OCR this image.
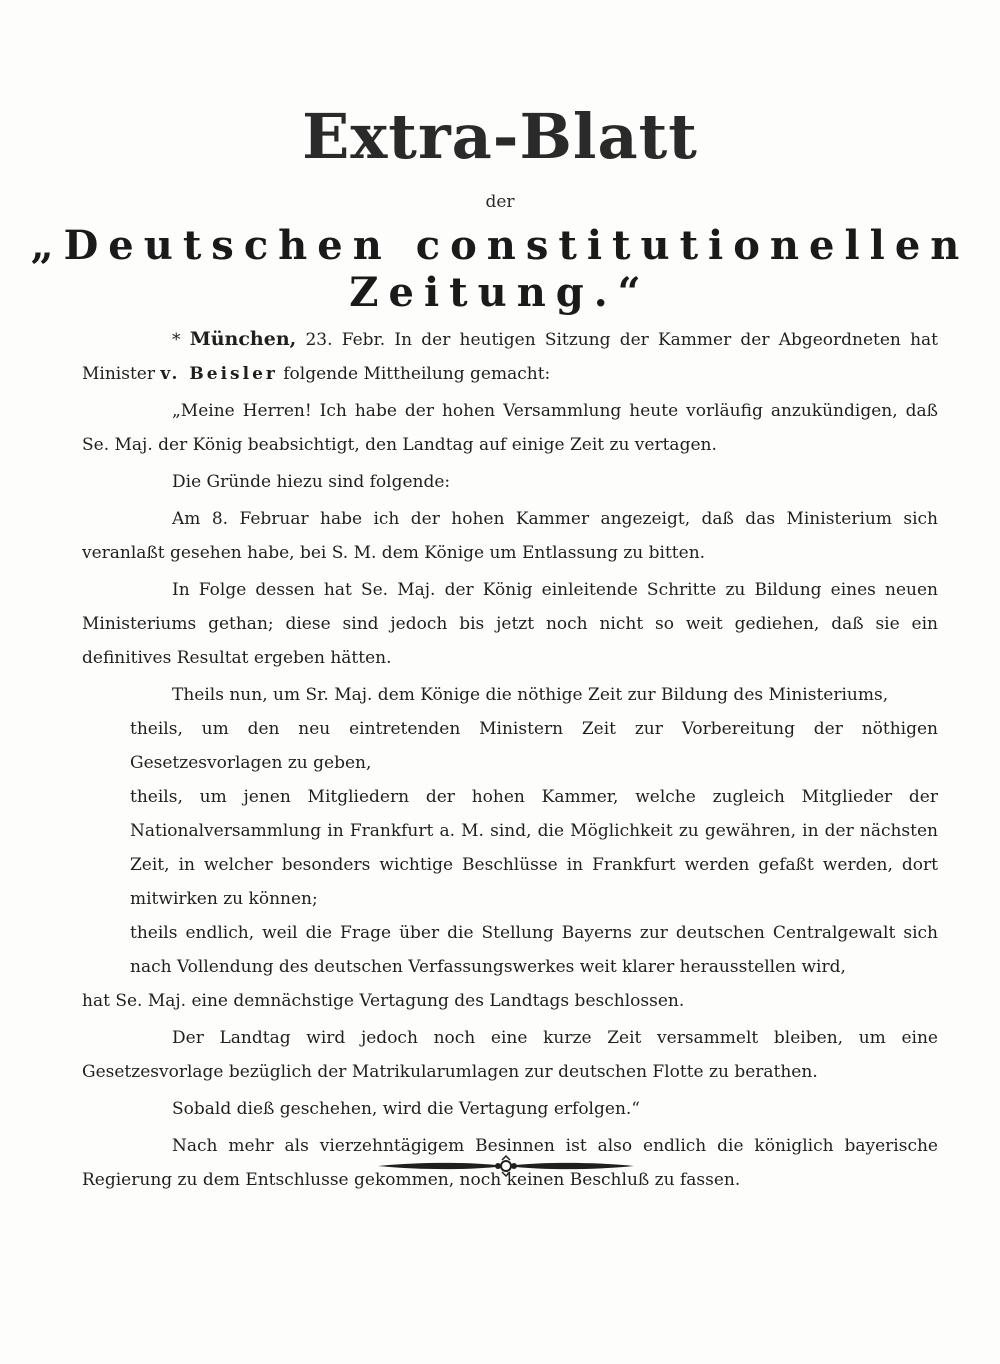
Extra-Blatt
der
„Deutschen constitutionellen Zeitung.“

* München, 23. Febr. In der heutigen Sitzung der Kammer der Abgeordneten hat Minister v. Beisler folgende Mittheilung gemacht:

„Meine Herren! Ich habe der hohen Versammlung heute vorläufig anzukündigen, daß Se. Maj. der König beabsichtigt, den Landtag auf einige Zeit zu vertagen.

Die Gründe hiezu sind folgende:

Am 8. Februar habe ich der hohen Kammer angezeigt, daß das Ministerium sich veranlaßt gesehen habe, bei S. M. dem Könige um Entlassung zu bitten.

In Folge dessen hat Se. Maj. der König einleitende Schritte zu Bildung eines neuen Ministeriums gethan; diese sind jedoch bis jetzt noch nicht so weit gediehen, daß sie ein definitives Resultat ergeben hätten.

Theils nun, um Sr. Maj. dem Könige die nöthige Zeit zur Bildung des Ministeriums,

theils, um den neu eintretenden Ministern Zeit zur Vorbereitung der nöthigen Gesetzesvorlagen zu geben,

theils, um jenen Mitgliedern der hohen Kammer, welche zugleich Mitglieder der Nationalversammlung in Frankfurt a. M. sind, die Möglichkeit zu gewähren, in der nächsten Zeit, in welcher besonders wichtige Beschlüsse in Frankfurt werden gefaßt werden, dort mitwirken zu können;

theils endlich, weil die Frage über die Stellung Bayerns zur deutschen Centralgewalt sich nach Vollendung des deutschen Verfassungswerkes weit klarer herausstellen wird,

hat Se. Maj. eine demnächstige Vertagung des Landtags beschlossen.

Der Landtag wird jedoch noch eine kurze Zeit versammelt bleiben, um eine Gesetzesvorlage bezüglich der Matrikularumlagen zur deutschen Flotte zu berathen.

Sobald dieß geschehen, wird die Vertagung erfolgen.“

Nach mehr als vierzehntägigem Besinnen ist also endlich die königlich bayerische Regierung zu dem Entschlusse gekommen, noch keinen Beschluß zu fassen.
